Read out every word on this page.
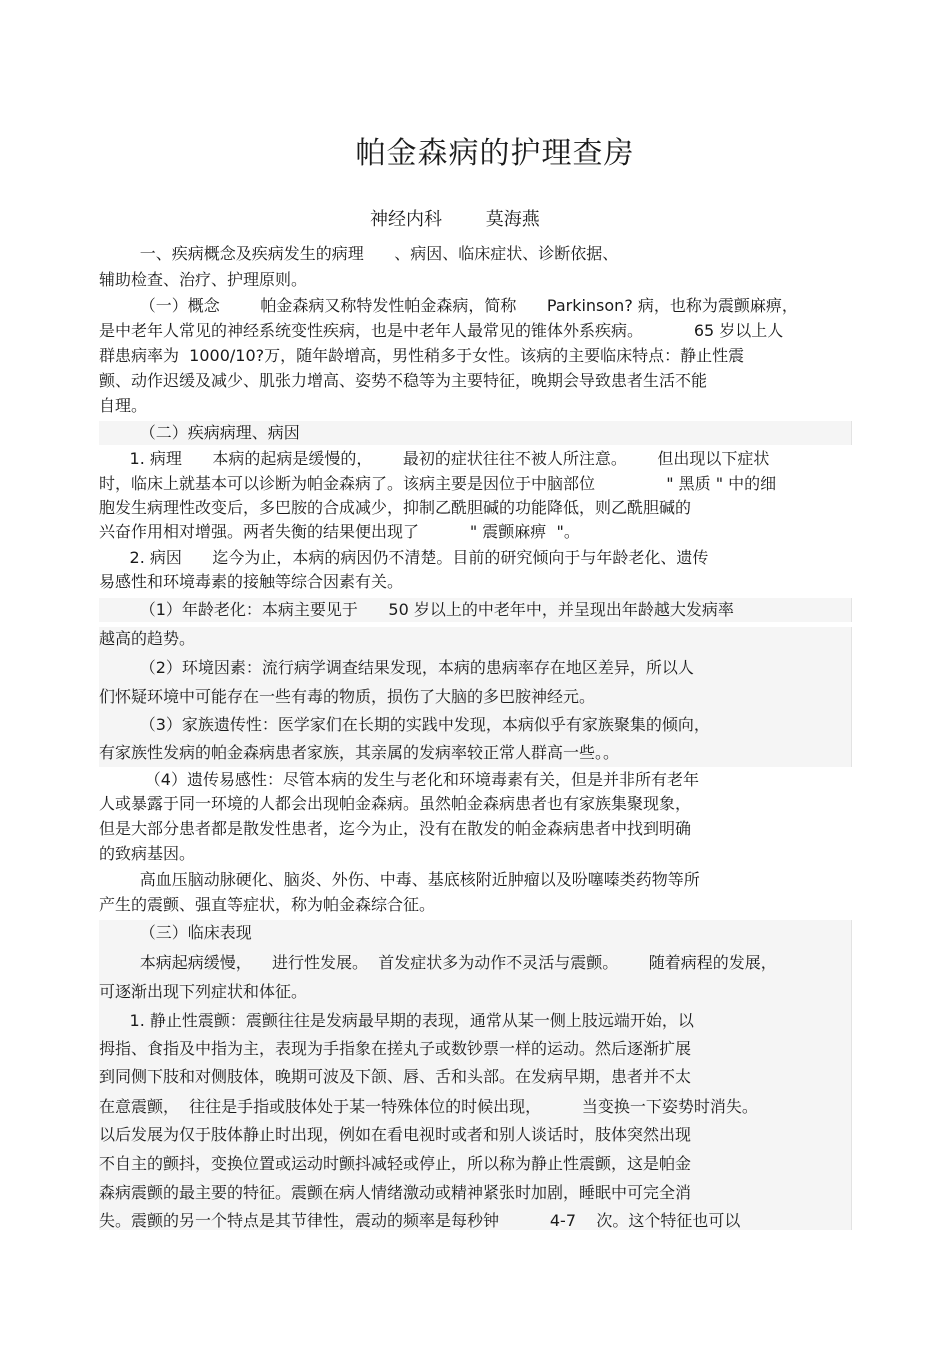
帕金森病的护理查房
神经内科 莫海燕
一、疾病概念及疾病发生的病理      、病因、临床症状、诊断依据、
辅助检查、治疗、护理原则。
（一）概念        帕金森病又称特发性帕金森病，简称      Parkinson? 病，也称为震颤麻痹，
是中老年人常见的神经系统变性疾病，也是中老年人最常见的锥体外系疾病。          65 岁以上人
群患病率为  1000/10?万，随年龄增高，男性稍多于女性。该病的主要临床特点：静止性震
颤、动作迟缓及减少、肌张力增高、姿势不稳等为主要特征，晚期会导致患者生活不能
自理。
（二）疾病病理、病因
1. 病理      本病的起病是缓慢的，      最初的症状往往不被人所注意。      但出现以下症状
时，临床上就基本可以诊断为帕金森病了。该病主要是因位于中脑部位              " 黑质 " 中的细
胞发生病理性改变后，多巴胺的合成减少，抑制乙酰胆碱的功能降低，则乙酰胆碱的
兴奋作用相对增强。两者失衡的结果便出现了          " 震颤麻痹  "。
2. 病因      迄今为止，本病的病因仍不清楚。目前的研究倾向于与年龄老化、遗传
易感性和环境毒素的接触等综合因素有关。
（1）年龄老化：本病主要见于      50 岁以上的中老年中，并呈现出年龄越大发病率
越高的趋势。
（2）环境因素：流行病学调查结果发现，本病的患病率存在地区差异，所以人
们怀疑环境中可能存在一些有毒的物质，损伤了大脑的多巴胺神经元。
（3）家族遗传性：医学家们在长期的实践中发现，本病似乎有家族聚集的倾向，
有家族性发病的帕金森病患者家族，其亲属的发病率较正常人群高一些。。
（4）遗传易感性：尽管本病的发生与老化和环境毒素有关，但是并非所有老年
人或暴露于同一环境的人都会出现帕金森病。虽然帕金森病患者也有家族集聚现象，
但是大部分患者都是散发性患者，迄今为止，没有在散发的帕金森病患者中找到明确
的致病基因。
高血压脑动脉硬化、脑炎、外伤、中毒、基底核附近肿瘤以及吩噻嗪类药物等所
产生的震颤、强直等症状，称为帕金森综合征。
（三）临床表现
本病起病缓慢，    进行性发展。  首发症状多为动作不灵活与震颤。      随着病程的发展，
可逐渐出现下列症状和体征。
1. 静止性震颤：震颤往往是发病最早期的表现，通常从某一侧上肢远端开始，以
拇指、食指及中指为主，表现为手指象在搓丸子或数钞票一样的运动。然后逐渐扩展
到同侧下肢和对侧肢体，晚期可波及下颌、唇、舌和头部。在发病早期，患者并不太
在意震颤，  往往是手指或肢体处于某一特殊体位的时候出现，        当变换一下姿势时消失。
以后发展为仅于肢体静止时出现，例如在看电视时或者和别人谈话时，肢体突然出现
不自主的颤抖，变换位置或运动时颤抖减轻或停止，所以称为静止性震颤，这是帕金
森病震颤的最主要的特征。震颤在病人情绪激动或精神紧张时加剧，睡眠中可完全消
失。震颤的另一个特点是其节律性，震动的频率是每秒钟          4-7    次。这个特征也可以
